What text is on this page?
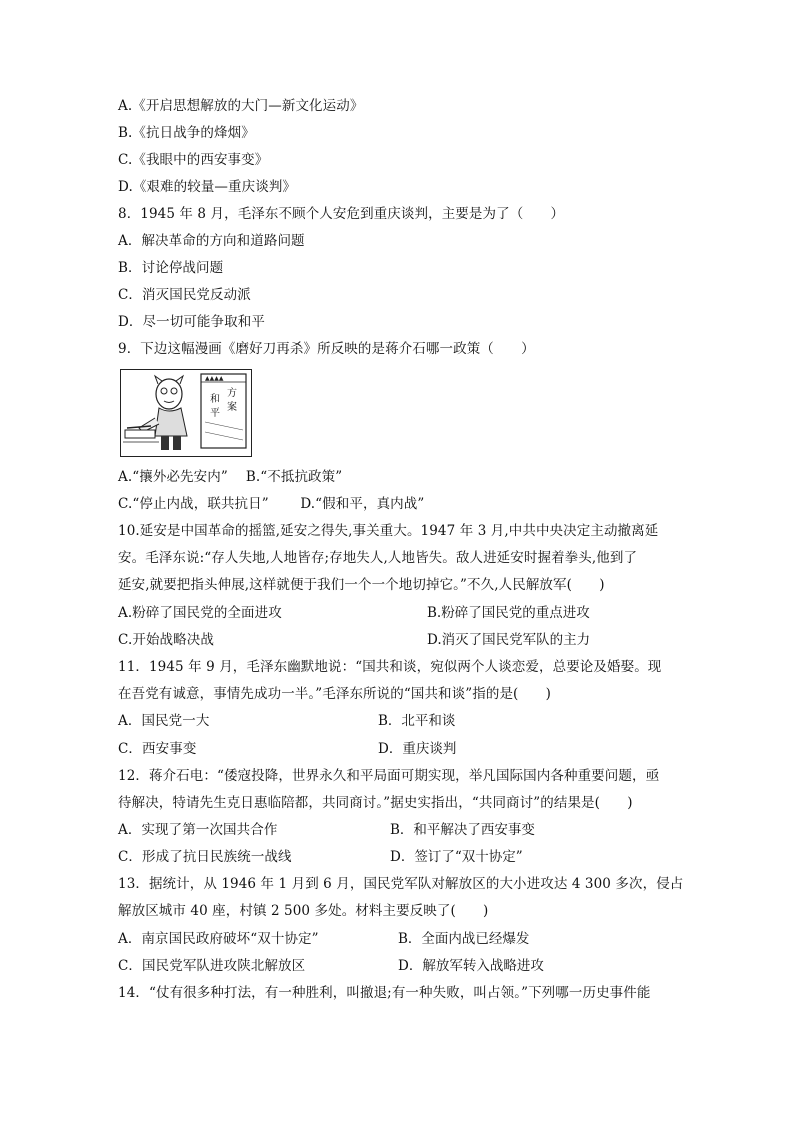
A.《开启思想解放的大门—新文化运动》
B.《抗日战争的烽烟》
C.《我眼中的西安事变》
D.《艰难的较量—重庆谈判》
8．1945 年 8 月，毛泽东不顾个人安危到重庆谈判，主要是为了（　　）
A．解决革命的方向和道路问题
B．讨论停战问题
C．消灭国民党反动派
D．尽一切可能争取和平
9．下边这幅漫画《磨好刀再杀》所反映的是蒋介石哪一政策（　　）
▲▲▲▲
和
方
平
案
A.“攘外必先安内”　 B.“不抵抗政策”
C.“停止内战，联共抗日”　　 D.“假和平，真内战”
10.延安是中国革命的摇篮,延安之得失,事关重大。1947 年 3 月,中共中央决定主动撤离延
安。毛泽东说:“存人失地,人地皆存;存地失人,人地皆失。敌人进延安时握着拳头,他到了
延安,就要把指头伸展,这样就便于我们一个一个地切掉它。”不久,人民解放军(　　)
A.粉碎了国民党的全面进攻	B.粉碎了国民党的重点进攻
C.开始战略决战	D.消灭了国民党军队的主力
11．1945 年 9 月，毛泽东幽默地说：“国共和谈，宛似两个人谈恋爱，总要论及婚娶。现
在吾党有诚意，事情先成功一半。”毛泽东所说的“国共和谈”指的是(　　)
A．国民党一大	B．北平和谈
C．西安事变	D．重庆谈判
12．蒋介石电：“倭寇投降，世界永久和平局面可期实现，举凡国际国内各种重要问题，亟
待解决，特请先生克日惠临陪都，共同商讨。”据史实指出，“共同商讨”的结果是(　　)
A．实现了第一次国共合作	B．和平解决了西安事变
C．形成了抗日民族统一战线	D．签订了“双十协定”
13．据统计，从 1946 年 1 月到 6 月，国民党军队对解放区的大小进攻达 4 300 多次，侵占
解放区城市 40 座，村镇 2 500 多处。材料主要反映了(　　)
A．南京国民政府破坏“双十协定”	B．全面内战已经爆发
C．国民党军队进攻陕北解放区	D．解放军转入战略进攻
14．“仗有很多种打法，有一种胜利，叫撤退;有一种失败，叫占领。”下列哪一历史事件能
